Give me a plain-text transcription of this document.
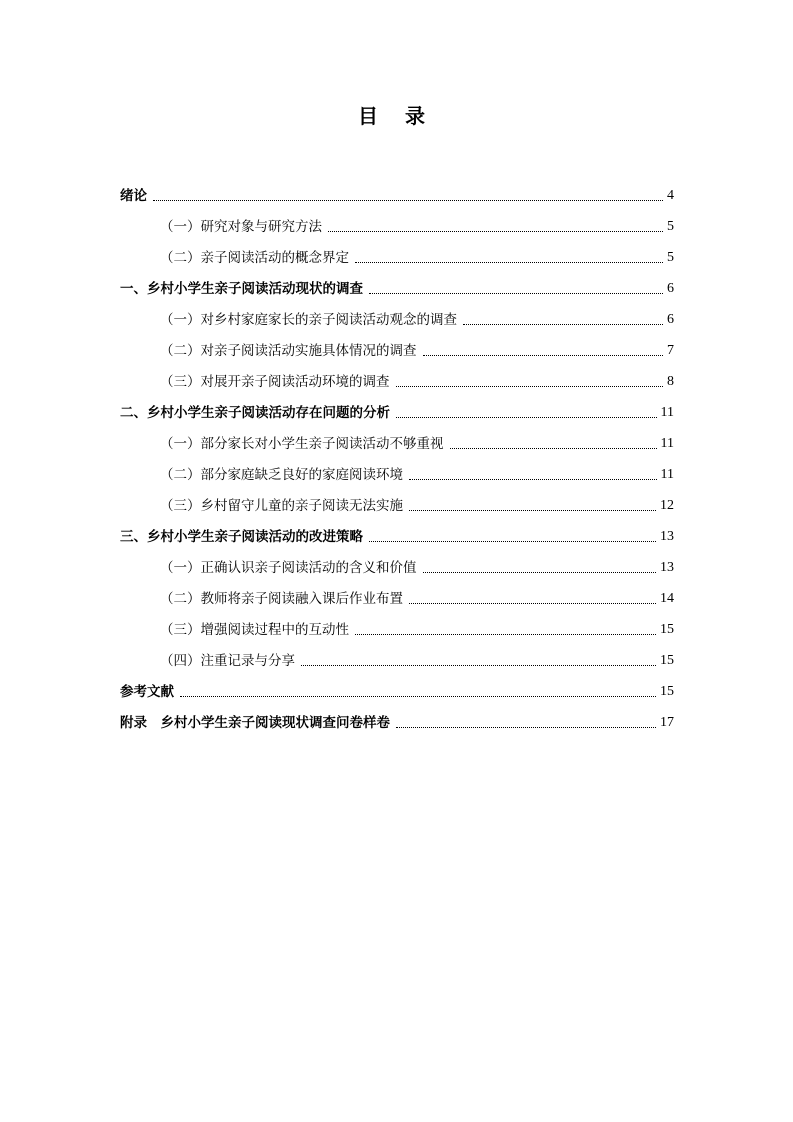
目 录
绪论	4
（一）研究对象与研究方法	5
（二）亲子阅读活动的概念界定	5
一、乡村小学生亲子阅读活动现状的调查	6
（一）对乡村家庭家长的亲子阅读活动观念的调查	6
（二）对亲子阅读活动实施具体情况的调查	7
（三）对展开亲子阅读活动环境的调查	8
二、乡村小学生亲子阅读活动存在问题的分析	11
（一）部分家长对小学生亲子阅读活动不够重视	11
（二）部分家庭缺乏良好的家庭阅读环境	11
（三）乡村留守儿童的亲子阅读无法实施	12
三、乡村小学生亲子阅读活动的改进策略	13
（一）正确认识亲子阅读活动的含义和价值	13
（二）教师将亲子阅读融入课后作业布置	14
（三）增强阅读过程中的互动性	15
（四）注重记录与分享	15
参考文献	15
附录　乡村小学生亲子阅读现状调查问卷样卷	17
